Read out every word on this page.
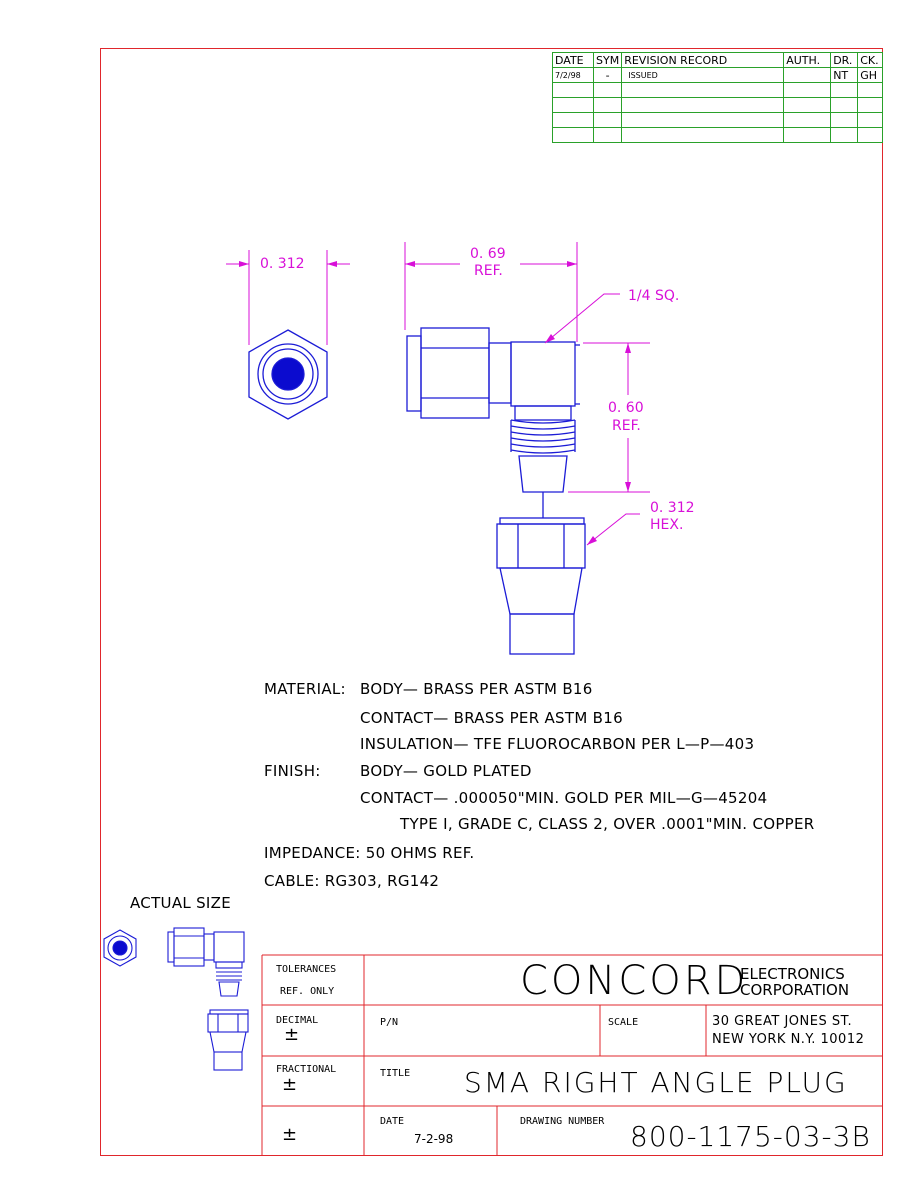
DATE	SYM	REVISION RECORD	AUTH.	DR.	CK.
7/2/98	-	ISSUED		NT	GH

0. 312
0. 69
REF.
1/4 SQ.
0. 60
REF.
0. 312
HEX.
MATERIAL: BODY— BRASS PER ASTM B16
CONTACT— BRASS PER ASTM B16
INSULATION— TFE FLUOROCARBON PER L—P—403
FINISH:	BODY— GOLD PLATED
CONTACT— .000050"MIN. GOLD PER MIL—G—45204
TYPE I, GRADE C, CLASS 2, OVER .0001"MIN. COPPER
IMPEDANCE: 50 OHMS REF.
CABLE: RG303, RG142
ACTUAL SIZE
TOLERANCES
REF. ONLY	CONCORD
ELECTRONICS
CORPORATION
DECIMAL
±
P/N	SCALE	30 GREAT JONES ST.
NEW YORK N.Y. 10012
FRACTIONAL
±
TITLE SMA RIGHT ANGLE PLUG
±
DATE
7-2-98
DRAWING NUMBER 800-1175-03-3B
